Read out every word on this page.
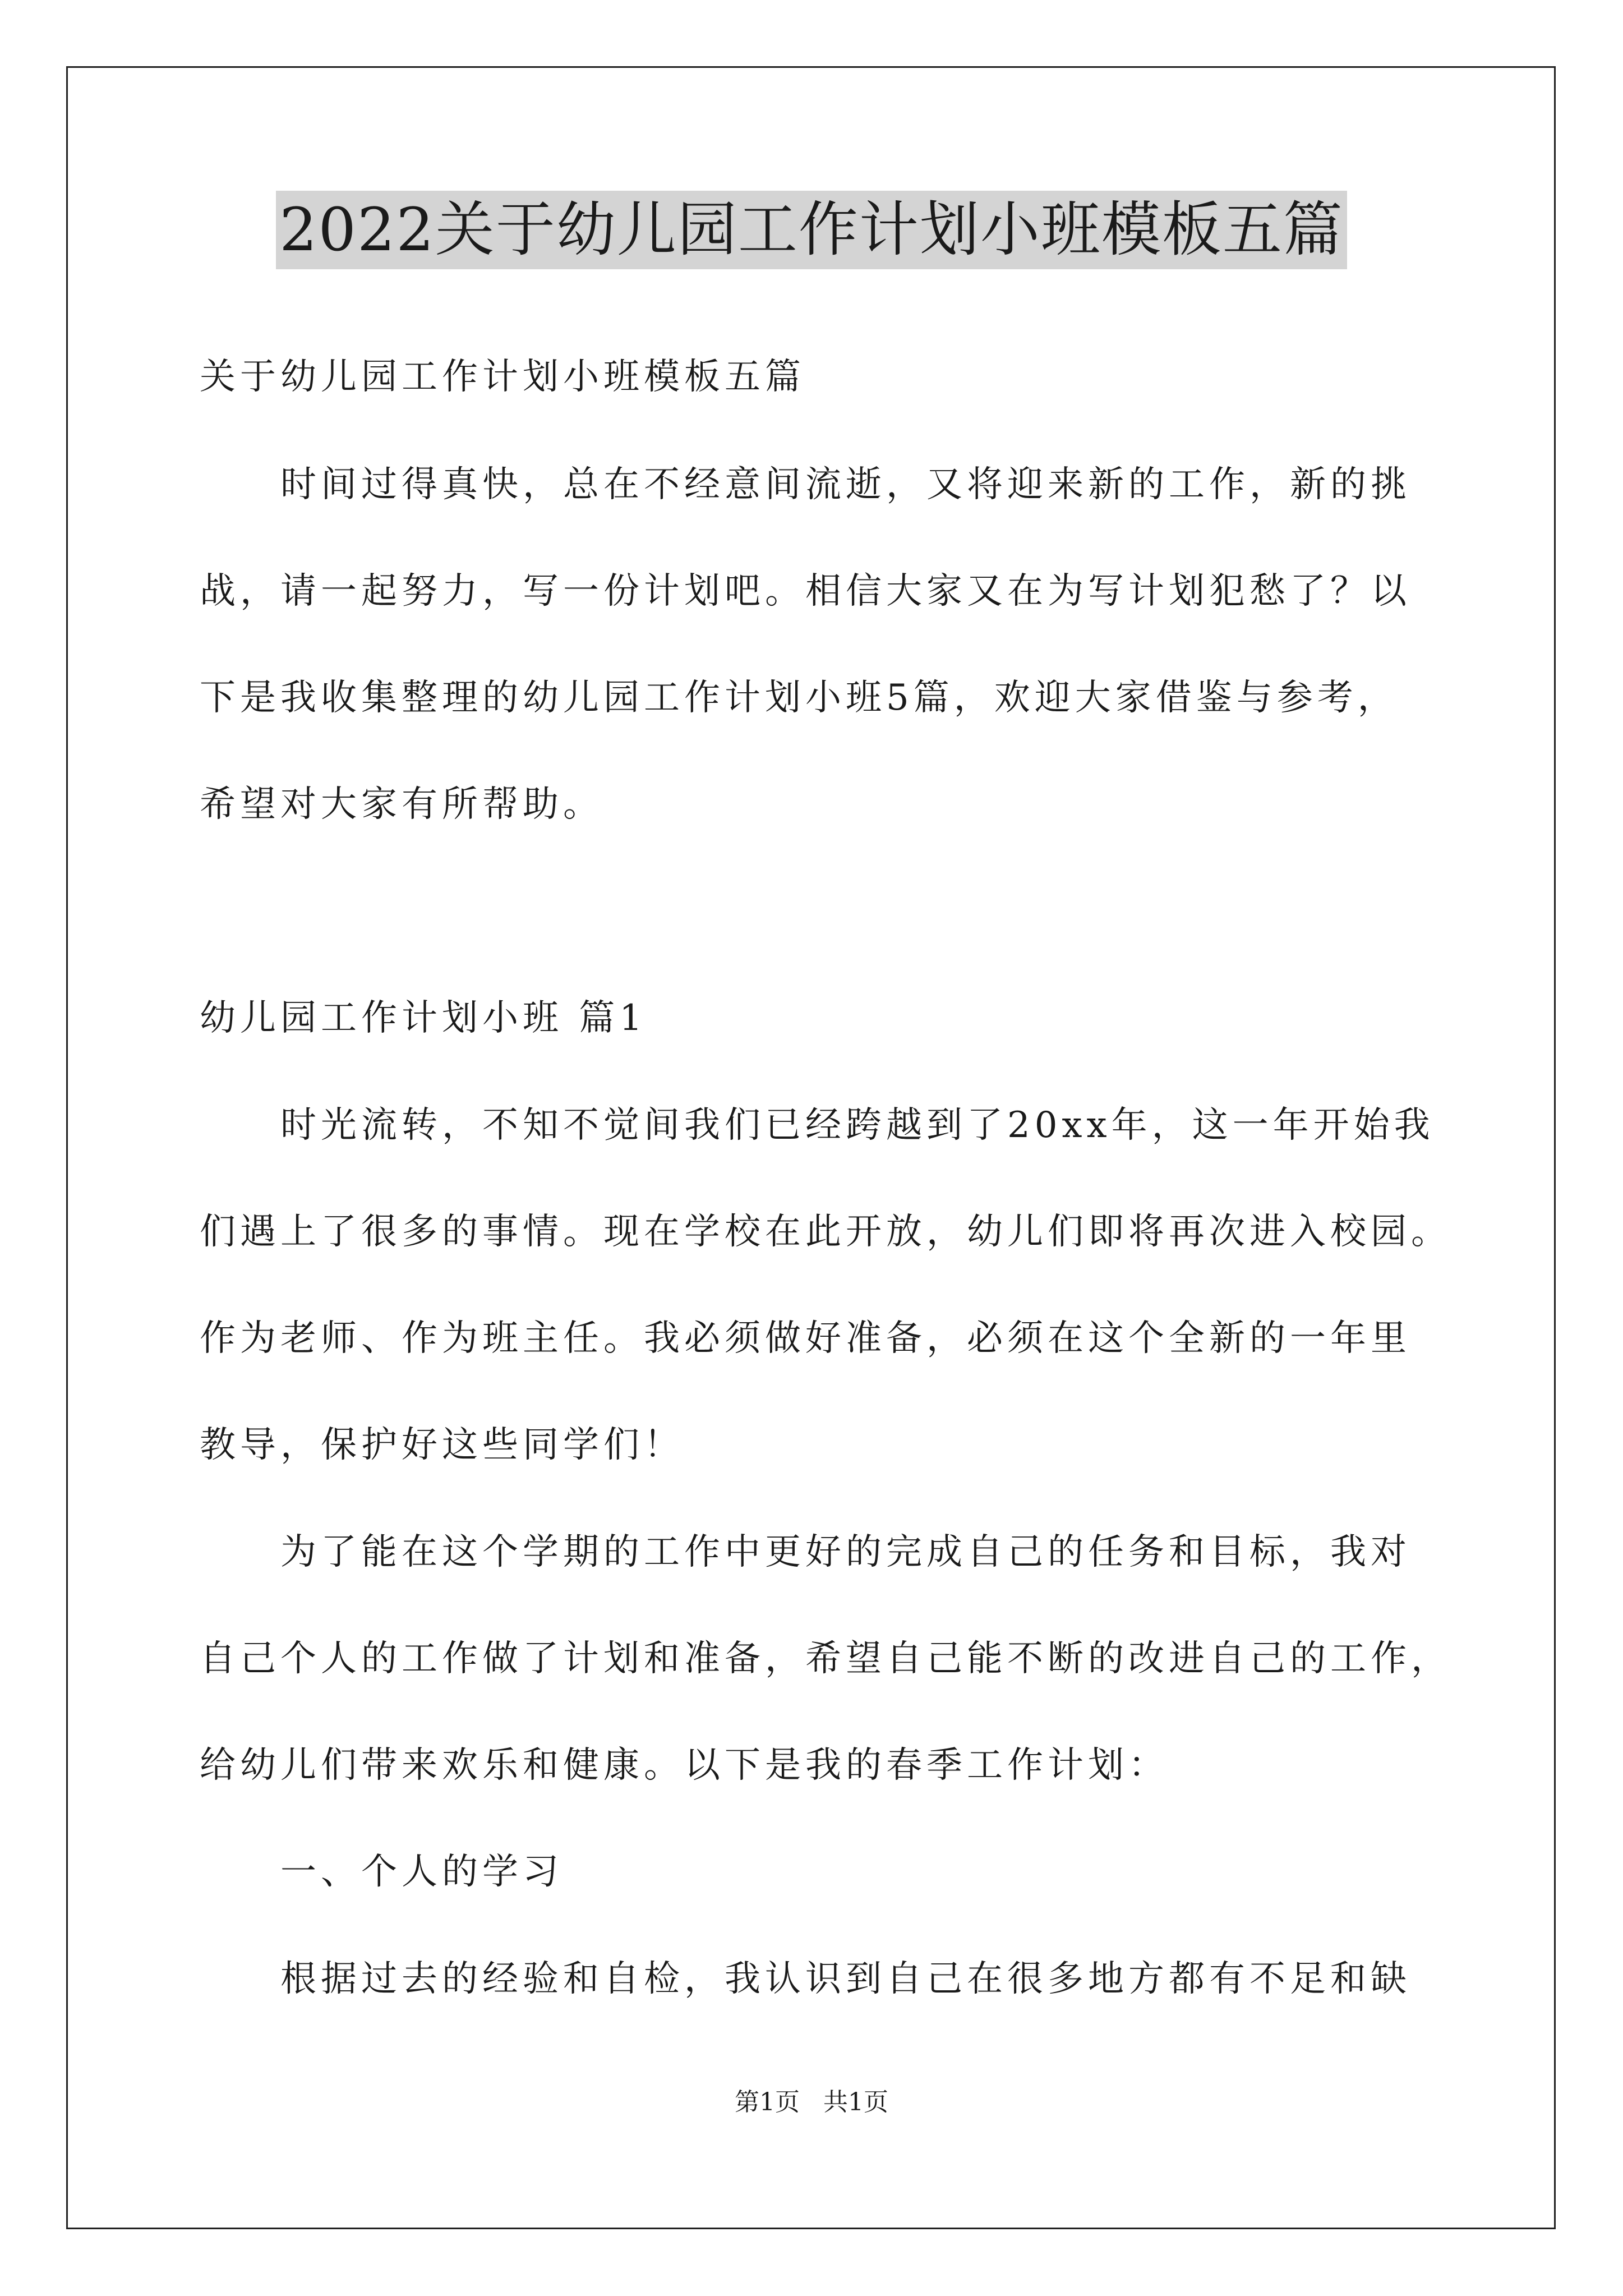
2022关于幼儿园工作计划小班模板五篇
关于幼儿园工作计划小班模板五篇
时间过得真快，总在不经意间流逝，又将迎来新的工作，新的挑
战，请一起努力，写一份计划吧。相信大家又在为写计划犯愁了？以
下是我收集整理的幼儿园工作计划小班5篇，欢迎大家借鉴与参考，
希望对大家有所帮助。
幼儿园工作计划小班 篇1
时光流转，不知不觉间我们已经跨越到了20xx年，这一年开始我
们遇上了很多的事情。现在学校在此开放，幼儿们即将再次进入校园。
作为老师、作为班主任。我必须做好准备，必须在这个全新的一年里
教导，保护好这些同学们！
为了能在这个学期的工作中更好的完成自己的任务和目标，我对
自己个人的工作做了计划和准备，希望自己能不断的改进自己的工作，
给幼儿们带来欢乐和健康。以下是我的春季工作计划：
一、个人的学习
根据过去的经验和自检，我认识到自己在很多地方都有不足和缺
第1页   共1页
